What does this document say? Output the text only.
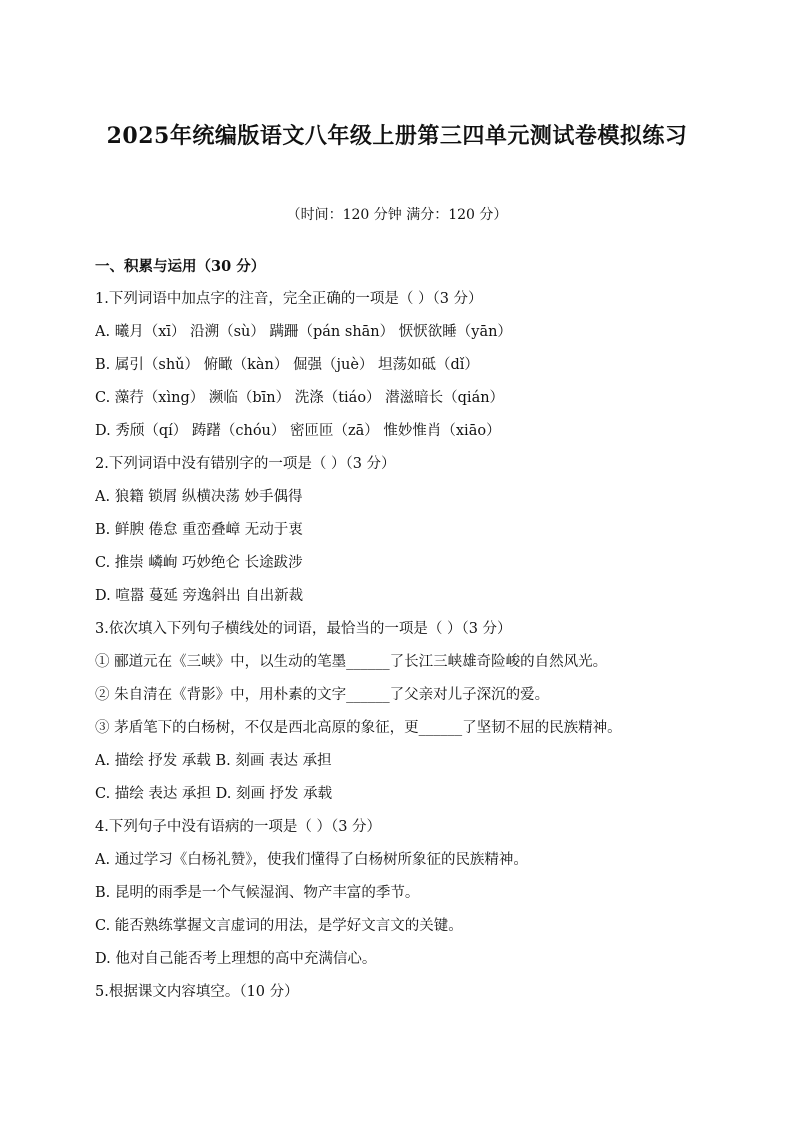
2025年统编版语文八年级上册第三四单元测试卷模拟练习
（时间：120 分钟 满分：120 分）
一、积累与运用（30 分）
1.下列词语中加点字的注音，完全正确的一项是（ ）（3 分）
A. 曦月（xī） 沿溯（sù） 蹒跚（pán shān） 恹恹欲睡（yān）
B. 属引（shǔ） 俯瞰（kàn） 倔强（juè） 坦荡如砥（dǐ）
C. 藻荇（xìng） 濒临（bīn） 洗涤（tiáo） 潜滋暗长（qián）
D. 秀颀（qí） 踌躇（chóu） 密匝匝（zā） 惟妙惟肖（xiāo）
2.下列词语中没有错别字的一项是（ ）（3 分）
A. 狼籍 锁屑 纵横决荡 妙手偶得
B. 鲜腴 倦怠 重峦叠嶂 无动于衷
C. 推崇 嶙峋 巧妙绝仑 长途跋涉
D. 喧嚣 蔓延 旁逸斜出 自出新裁
3.依次填入下列句子横线处的词语，最恰当的一项是（ ）（3 分）
① 郦道元在《三峡》中，以生动的笔墨______了长江三峡雄奇险峻的自然风光。
② 朱自清在《背影》中，用朴素的文字______了父亲对儿子深沉的爱。
③ 茅盾笔下的白杨树，不仅是西北高原的象征，更______了坚韧不屈的民族精神。
A. 描绘 抒发 承载 B. 刻画 表达 承担
C. 描绘 表达 承担 D. 刻画 抒发 承载
4.下列句子中没有语病的一项是（ ）（3 分）
A. 通过学习《白杨礼赞》，使我们懂得了白杨树所象征的民族精神。
B. 昆明的雨季是一个气候湿润、物产丰富的季节。
C. 能否熟练掌握文言虚词的用法，是学好文言文的关键。
D. 他对自己能否考上理想的高中充满信心。
5.根据课文内容填空。（10 分）
